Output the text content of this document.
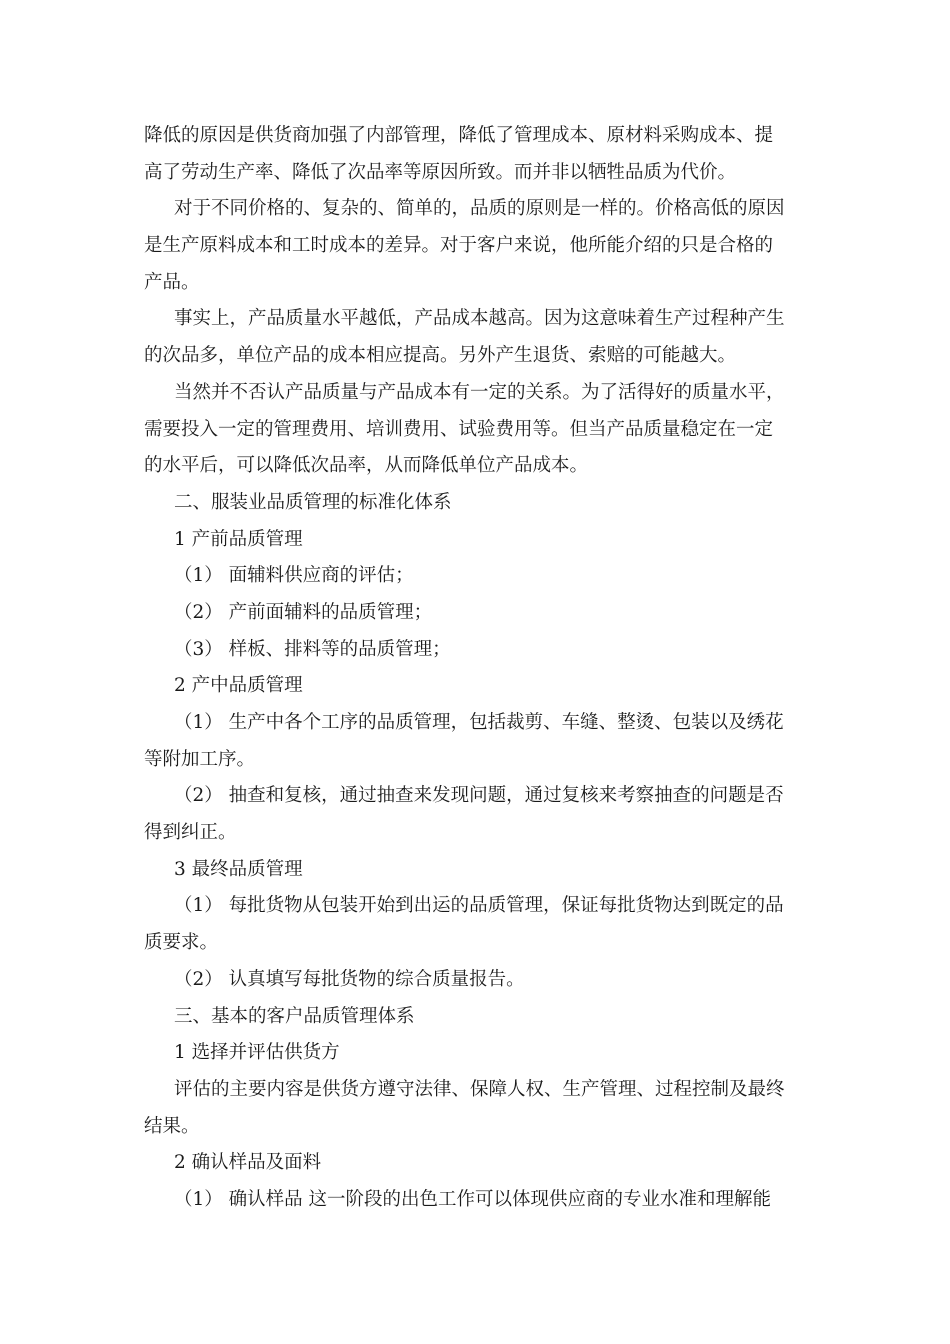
降低的原因是供货商加强了内部管理，降低了管理成本、原材料采购成本、提
高了劳动生产率、降低了次品率等原因所致。而并非以牺牲品质为代价。
对于不同价格的、复杂的、简单的，品质的原则是一样的。价格高低的原因
是生产原料成本和工时成本的差异。对于客户来说，他所能介绍的只是合格的
产品。
事实上，产品质量水平越低，产品成本越高。因为这意味着生产过程种产生
的次品多，单位产品的成本相应提高。另外产生退货、索赔的可能越大。
当然并不否认产品质量与产品成本有一定的关系。为了活得好的质量水平，
需要投入一定的管理费用、培训费用、试验费用等。但当产品质量稳定在一定
的水平后，可以降低次品率，从而降低单位产品成本。
二、服装业品质管理的标准化体系
1 产前品质管理
（1） 面辅料供应商的评估；
（2） 产前面辅料的品质管理；
（3） 样板、排料等的品质管理；
2 产中品质管理
（1） 生产中各个工序的品质管理，包括裁剪、车缝、整烫、包装以及绣花
等附加工序。
（2） 抽查和复核，通过抽查来发现问题，通过复核来考察抽查的问题是否
得到纠正。
3 最终品质管理
（1） 每批货物从包装开始到出运的品质管理，保证每批货物达到既定的品
质要求。
（2） 认真填写每批货物的综合质量报告。
三、基本的客户品质管理体系
1 选择并评估供货方
评估的主要内容是供货方遵守法律、保障人权、生产管理、过程控制及最终
结果。
2 确认样品及面料
（1） 确认样品 这一阶段的出色工作可以体现供应商的专业水准和理解能
